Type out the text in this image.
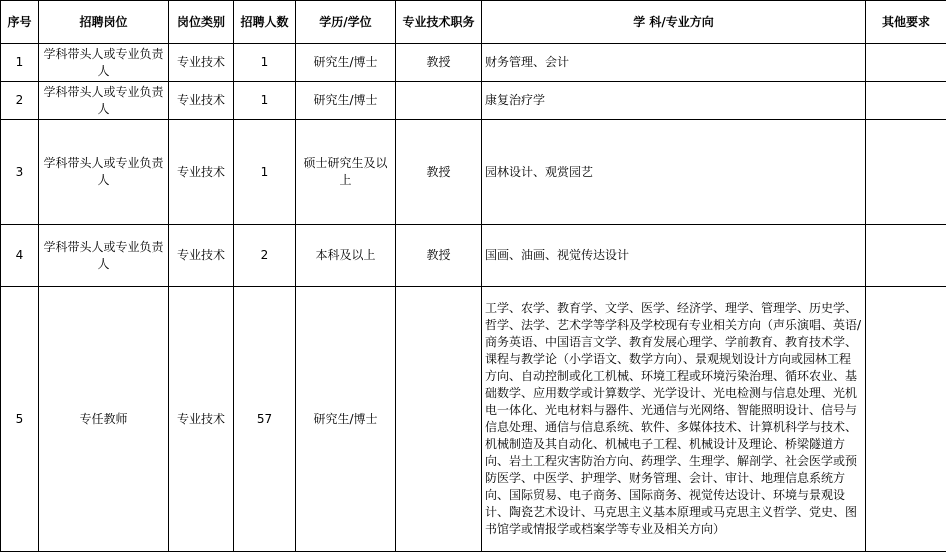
序号	招聘岗位	岗位类别	招聘人数	学历/学位	专业技术职务	学 科/专业方向	其他要求
1	学科带头人或专业负责人	专业技术	1	研究生/博士	教授	财务管理、会计	
2	学科带头人或专业负责人	专业技术	1	研究生/博士		康复治疗学	
3	学科带头人或专业负责人	专业技术	1	硕士研究生及以上	教授	园林设计、观赏园艺	
4	学科带头人或专业负责人	专业技术	2	本科及以上	教授	国画、油画、视觉传达设计	
5	专任教师	专业技术	57	研究生/博士		工学、农学、教育学、文学、医学、经济学、理学、管理学、历史学、哲学、法学、艺术学等学科及学校现有专业相关方向（声乐演唱、英语/商务英语、中国语言文学、教育发展心理学、学前教育、教育技术学、课程与教学论（小学语文、数学方向）、景观规划设计方向或园林工程方向、自动控制或化工机械、环境工程或环境污染治理、循环农业、基础数学、应用数学或计算数学、光学设计、光电检测与信息处理、光机电一体化、光电材料与器件、光通信与光网络、智能照明设计、信号与信息处理、通信与信息系统、软件、多媒体技术、计算机科学与技术、机械制造及其自动化、机械电子工程、机械设计及理论、桥梁隧道方向、岩土工程灾害防治方向、药理学、生理学、解剖学、社会医学或预防医学、中医学、护理学、财务管理、会计、审计、地理信息系统方向、国际贸易、电子商务、国际商务、视觉传达设计、环境与景观设计、陶瓷艺术设计、马克思主义基本原理或马克思主义哲学、党史、图书馆学或情报学或档案学等专业及相关方向）	
